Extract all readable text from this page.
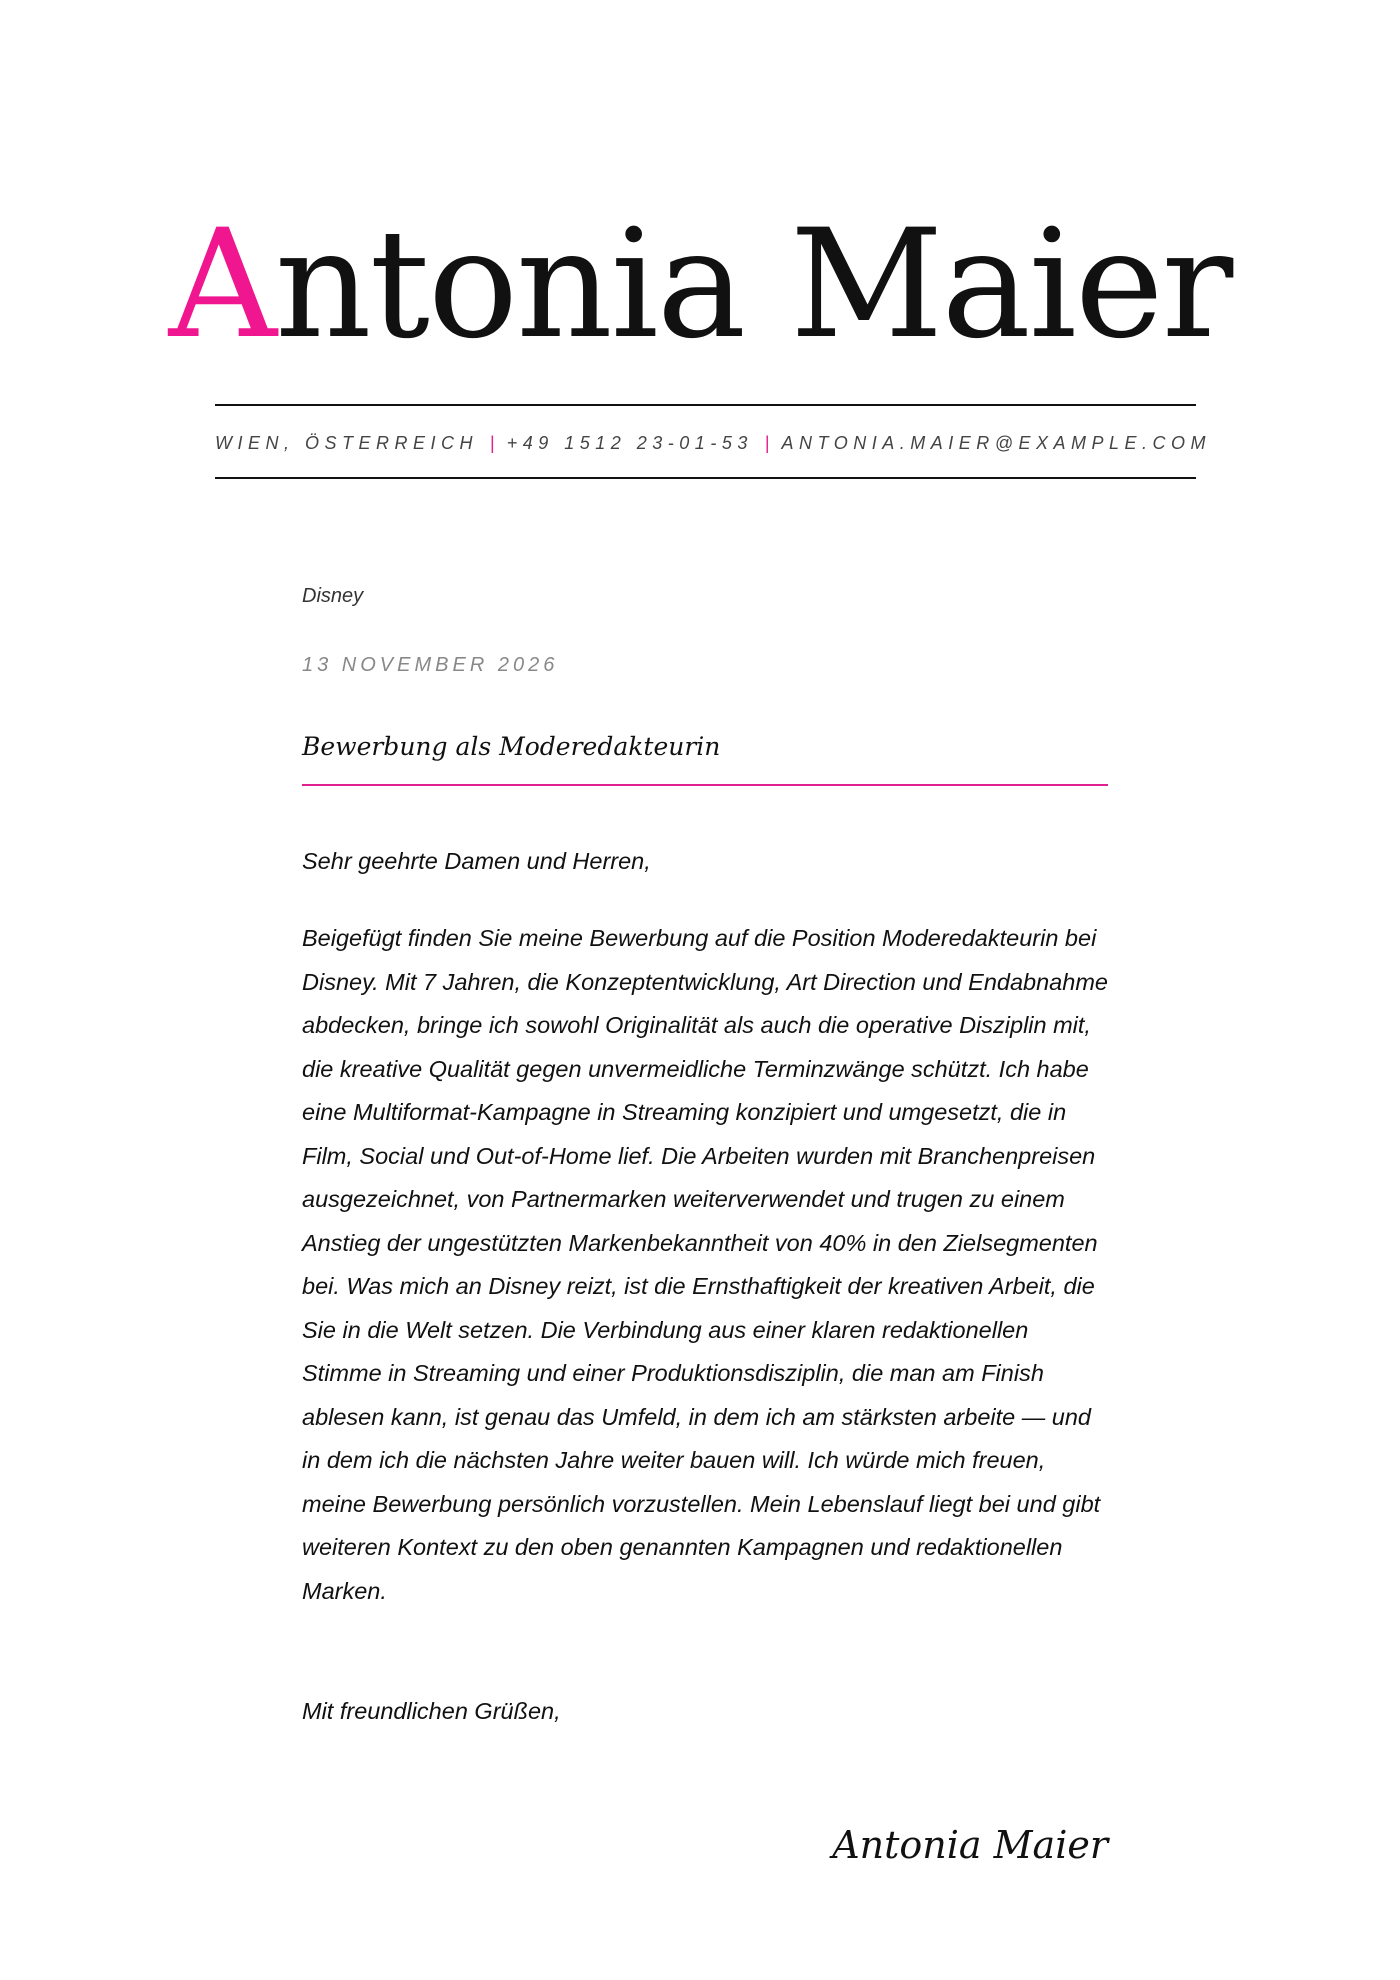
Antonia Maier
WIEN, ÖSTERREICH | +49 1512 23-01-53 | ANTONIA.MAIER@EXAMPLE.COM
Disney
13 NOVEMBER 2026
Bewerbung als Moderedakteurin

Sehr geehrte Damen und Herren,

Beigefügt finden Sie meine Bewerbung auf die Position Moderedakteurin bei Disney. Mit 7 Jahren, die Konzeptentwicklung, Art Direction und Endabnahme abdecken, bringe ich sowohl Originalität als auch die operative Disziplin mit, die kreative Qualität gegen unvermeidliche Terminzwänge schützt. Ich habe eine Multiformat-Kampagne in Streaming konzipiert und umgesetzt, die in Film, Social und Out-of-Home lief. Die Arbeiten wurden mit Branchenpreisen ausgezeichnet, von Partnermarken weiterverwendet und trugen zu einem Anstieg der ungestützten Markenbekanntheit von 40% in den Zielsegmenten bei. Was mich an Disney reizt, ist die Ernsthaftigkeit der kreativen Arbeit, die Sie in die Welt setzen. Die Verbindung aus einer klaren redaktionellen Stimme in Streaming und einer Produktionsdisziplin, die man am Finish ablesen kann, ist genau das Umfeld, in dem ich am stärksten arbeite — und in dem ich die nächsten Jahre weiter bauen will. Ich würde mich freuen, meine Bewerbung persönlich vorzustellen. Mein Lebenslauf liegt bei und gibt weiteren Kontext zu den oben genannten Kampagnen und redaktionellen Marken.

Mit freundlichen Grüßen,

Antonia Maier
